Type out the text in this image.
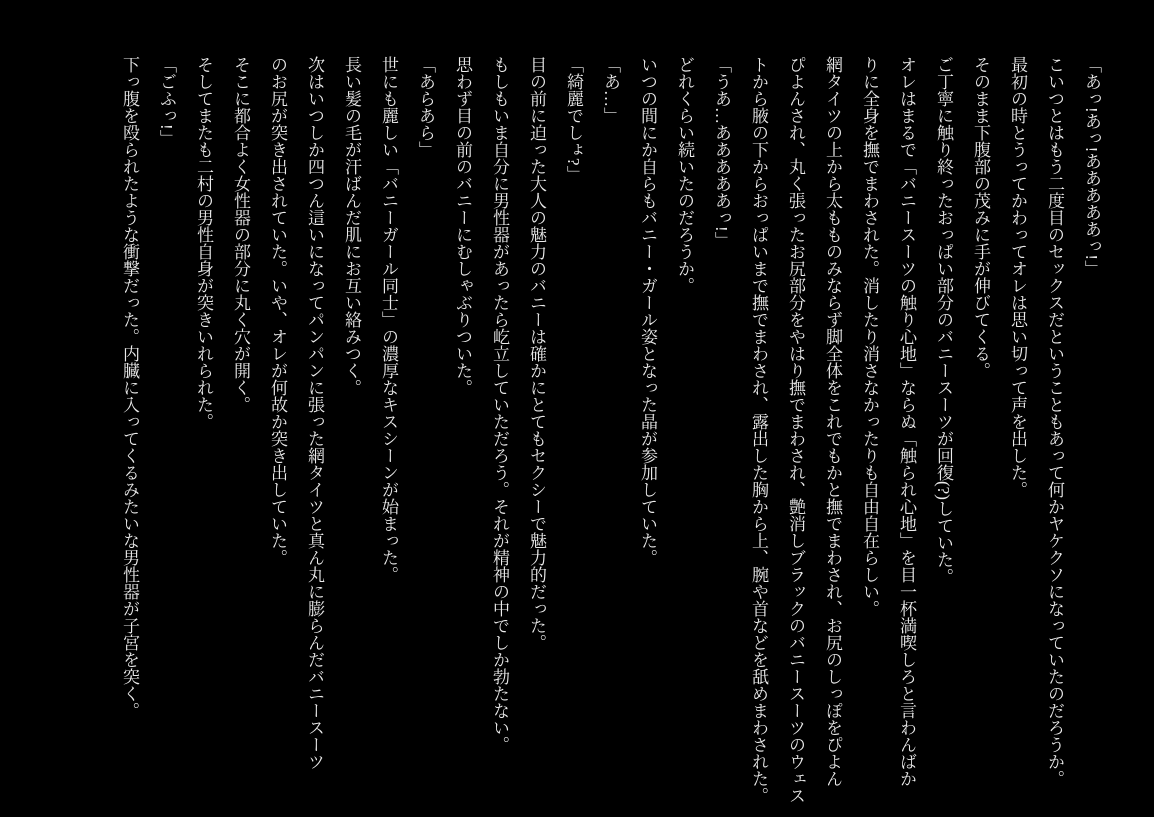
「あっ!あっ!あああああっ!」

こいつとはもう二度目のセックスだということもあって何かヤケクソになっていたのだろうか。

最初の時とうってかわってオレは思い切って声を出した。

そのまま下腹部の茂みに手が伸びてくる。

ご丁寧に触り終ったおっぱい部分のバニースーツが回復(?)していた。

オレはまるで「バニースーツの触り心地」ならぬ「触られ心地」を目一杯満喫しろと言わんばか

りに全身を撫でまわされた。消したり消さなかったりも自由自在らしい。

網タイツの上から太もものみならず脚全体をこれでもかと撫でまわされ、お尻のしっぽをぴよん

ぴよんされ、丸く張ったお尻部分をやはり撫でまわされ、艶消しブラックのバニースーツのウェス

トから腋の下からおっぱいまで撫でまわされ、露出した胸から上、腕や首などを舐めまわされた。

「うあ…あああああっ!」

どれくらい続いたのだろうか。

いつの間にか自らもバニー・ガール姿となった晶が参加していた。

「あ…」

「綺麗でしょ?」

目の前に迫った大人の魅力のバニーは確かにとてもセクシーで魅力的だった。

もしもいま自分に男性器があったら屹立していただろう。それが精神の中でしか勃たない。

思わず目の前のバニーにむしゃぶりついた。

「あらあら」

世にも麗しい「バニーガール同士」の濃厚なキスシーンが始まった。

長い髪の毛が汗ばんだ肌にお互い絡みつく。

次はいつしか四つん這いになってパンパンに張った網タイツと真ん丸に膨らんだバニースーツ

のお尻が突き出されていた。いや、オレが何故か突き出していた。

そこに都合よく女性器の部分に丸く穴が開く。

そしてまたも二村の男性自身が突きいれられた。

「ごふっ!」

下っ腹を殴られたような衝撃だった。内臓に入ってくるみたいな男性器が子宮を突く。
